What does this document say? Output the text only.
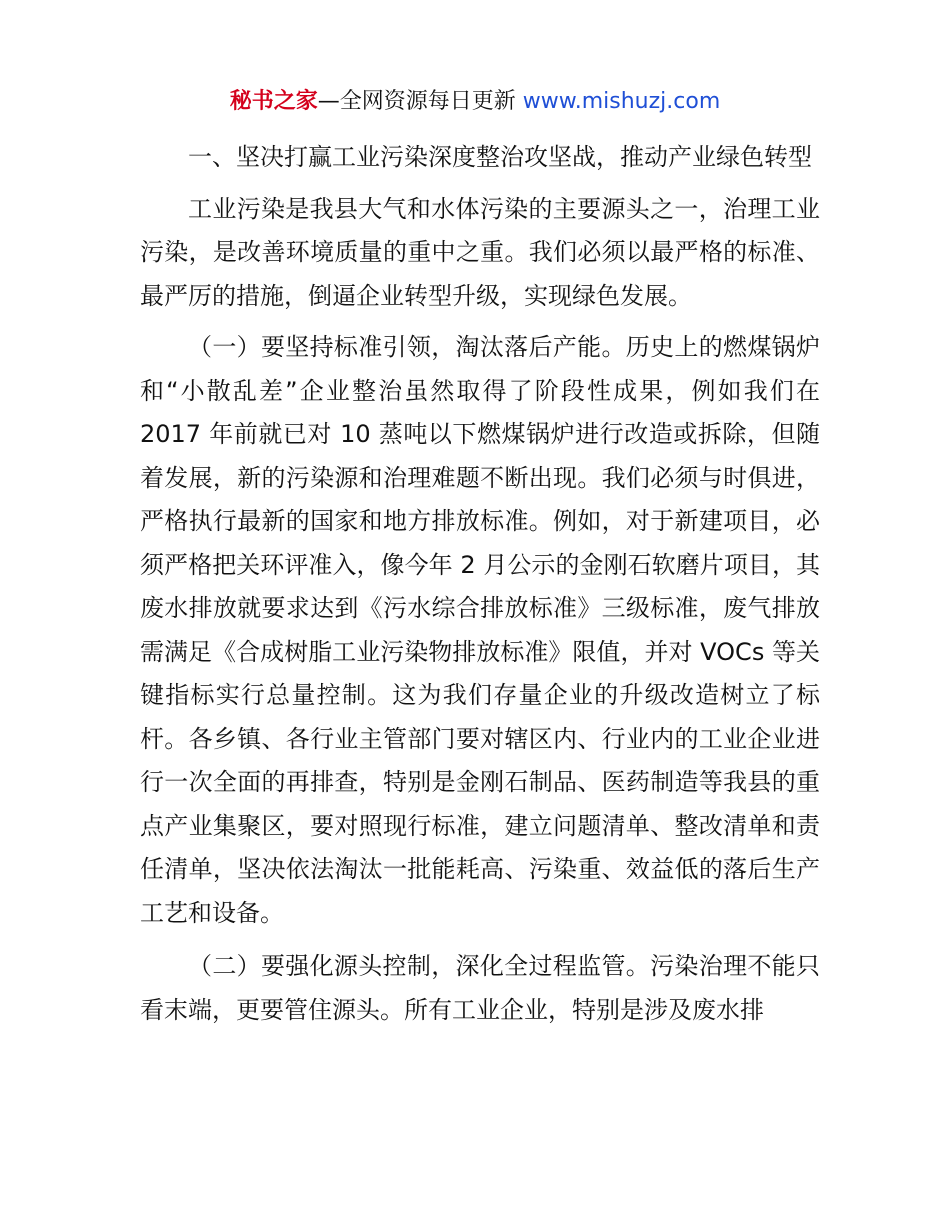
秘书之家—全网资源每日更新 www.mishuzj.com

一、坚决打赢工业污染深度整治攻坚战，推动产业绿色转型

工业污染是我县大气和水体污染的主要源头之一，治理工业污染，是改善环境质量的重中之重。我们必须以最严格的标准、最严厉的措施，倒逼企业转型升级，实现绿色发展。

（一）要坚持标准引领，淘汰落后产能。历史上的燃煤锅炉和“小散乱差”企业整治虽然取得了阶段性成果，例如我们在 2017 年前就已对 10 蒸吨以下燃煤锅炉进行改造或拆除，但随着发展，新的污染源和治理难题不断出现。我们必须与时俱进，严格执行最新的国家和地方排放标准。例如，对于新建项目，必须严格把关环评准入，像今年 2 月公示的金刚石软磨片项目，其废水排放就要求达到《污水综合排放标准》三级标准，废气排放需满足《合成树脂工业污染物排放标准》限值，并对 VOCs 等关键指标实行总量控制。这为我们存量企业的升级改造树立了标杆。各乡镇、各行业主管部门要对辖区内、行业内的工业企业进行一次全面的再排查，特别是金刚石制品、医药制造等我县的重点产业集聚区，要对照现行标准，建立问题清单、整改清单和责任清单，坚决依法淘汰一批能耗高、污染重、效益低的落后生产工艺和设备。

（二）要强化源头控制，深化全过程监管。污染治理不能只看末端，更要管住源头。所有工业企业，特别是涉及废水排
